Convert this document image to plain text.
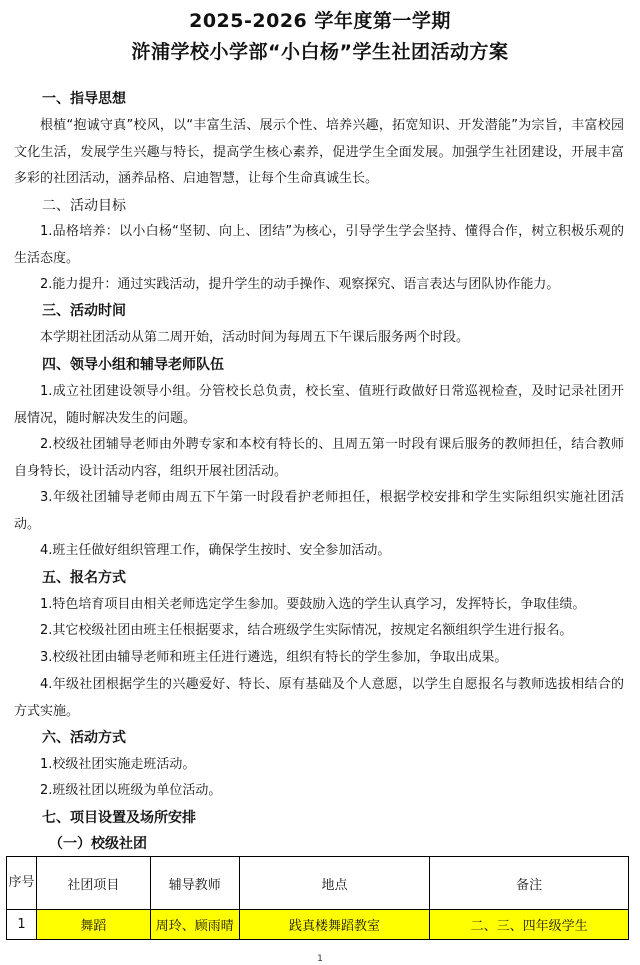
2025-2026 学年度第一学期
浒浦学校小学部“小白杨”学生社团活动方案

一、指导思想

根植“抱诚守真”校风，以“丰富生活、展示个性、培养兴趣，拓宽知识、开发潜能”为宗旨，丰富校园文化生活，发展学生兴趣与特长，提高学生核心素养，促进学生全面发展。加强学生社团建设，开展丰富多彩的社团活动，涵养品格、启迪智慧，让每个生命真诚生长。

二、活动目标

1.品格培养：以小白杨“坚韧、向上、团结”为核心，引导学生学会坚持、懂得合作，树立积极乐观的生活态度。

2.能力提升：通过实践活动，提升学生的动手操作、观察探究、语言表达与团队协作能力。

三、活动时间

本学期社团活动从第二周开始，活动时间为每周五下午课后服务两个时段。

四、领导小组和辅导老师队伍

1.成立社团建设领导小组。分管校长总负责，校长室、值班行政做好日常巡视检查，及时记录社团开展情况，随时解决发生的问题。

2.校级社团辅导老师由外聘专家和本校有特长的、且周五第一时段有课后服务的教师担任，结合教师自身特长，设计活动内容，组织开展社团活动。

3.年级社团辅导老师由周五下午第一时段看护老师担任，根据学校安排和学生实际组织实施社团活动。

4.班主任做好组织管理工作，确保学生按时、安全参加活动。

五、报名方式

1.特色培育项目由相关老师选定学生参加。要鼓励入选的学生认真学习，发挥特长，争取佳绩。

2.其它校级社团由班主任根据要求，结合班级学生实际情况，按规定名额组织学生进行报名。

3.校级社团由辅导老师和班主任进行遴选，组织有特长的学生参加，争取出成果。

4.年级社团根据学生的兴趣爱好、特长、原有基础及个人意愿，以学生自愿报名与教师选拔相结合的方式实施。

六、活动方式

1.校级社团实施走班活动。

2.班级社团以班级为单位活动。

七、项目设置及场所安排

（一）校级社团

序号	社团项目	辅导教师	地点	备注
1	舞蹈	周玲、顾雨晴	践真楼舞蹈教室	二、三、四年级学生
1
